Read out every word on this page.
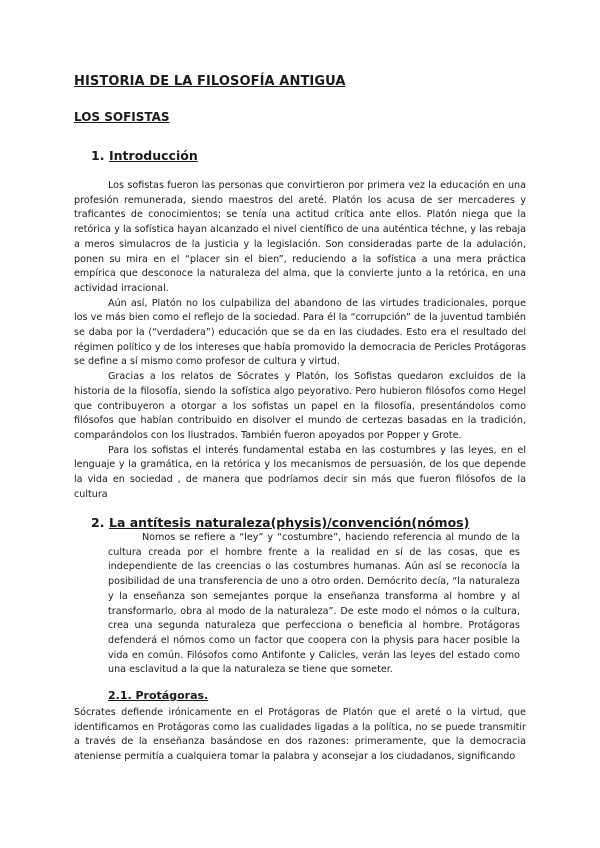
HISTORIA DE LA FILOSOFÍA ANTIGUA
LOS SOFISTAS
1. Introducción

Los sofistas fueron las personas que convirtieron por primera vez la educación en una profesión remunerada, siendo maestros del areté. Platón los acusa de ser mercaderes y traficantes de conocimientos; se tenía una actitud crítica ante ellos. Platón niega que la retórica y la sofística hayan alcanzado el nivel científico de una auténtica téchne, y las rebaja a meros simulacros de la justicia y la legislación. Son consideradas parte de la adulación, ponen su mira en el “placer sin el bien”, reduciendo a la sofística a una mera práctica empírica que desconoce la naturaleza del alma, que la convierte junto a la retórica, en una actividad irracional.

Aún así, Platón no los culpabiliza del abandono de las virtudes tradicionales, porque los ve más bien como el reflejo de la sociedad. Para él la “corrupción” de la juventud también se daba por la (“verdadera”) educación que se da en las ciudades. Esto era el resultado del régimen político y de los intereses que había promovido la democracia de Pericles Protágoras se define a sí mismo como profesor de cultura y virtud.

Gracias a los relatos de Sócrates y Platón, los Sofistas quedaron excluidos de la historia de la filosofía, siendo la sofística algo peyorativo. Pero hubieron filósofos como Hegel que contribuyeron a otorgar a los sofistas un papel en la filosofía, presentándolos como filósofos que habían contribuido en disolver el mundo de certezas basadas en la tradición, comparándolos con los Ilustrados. También fueron apoyados por Popper y Grote.

Para los sofistas el interés fundamental estaba en las costumbres y las leyes, en el lenguaje y la gramática, en la retórica y los mecanismos de persuasión, de los que depende la vida en sociedad , de manera que podríamos decir sin más que fueron filósofos de la cultura

2. La antítesis naturaleza(physis)/convención(nómos)

Nomos se refiere a “ley” y “costumbre”, haciendo referencia al mundo de la cultura creada por el hombre frente a la realidad en sí de las cosas, que es independiente de las creencias o las costumbres humanas. Aún así se reconocía la posibilidad de una transferencia de uno a otro orden. Demócrito decía, “la naturaleza y la enseñanza son semejantes porque la enseñanza transforma al hombre y al transformarlo, obra al modo de la naturaleza”. De este modo el nómos o la cultura, crea una segunda naturaleza que perfecciona o beneficia al hombre. Protágoras defenderá el nómos como un factor que coopera con la physis para hacer posible la vida en común. Filósofos como Antifonte y Calicles, verán las leyes del estado como una esclavitud a la que la naturaleza se tiene que someter.

2.1. Protágoras.

Sócrates defiende irónicamente en el Protágoras de Platón que el areté o la virtud, que identificamos en Protágoras como las cualidades ligadas a la política, no se puede transmitir a través de la enseñanza basándose en dos razones: primeramente, que la democracia ateniense permitía a cualquiera tomar la palabra y aconsejar a los ciudadanos, significando
